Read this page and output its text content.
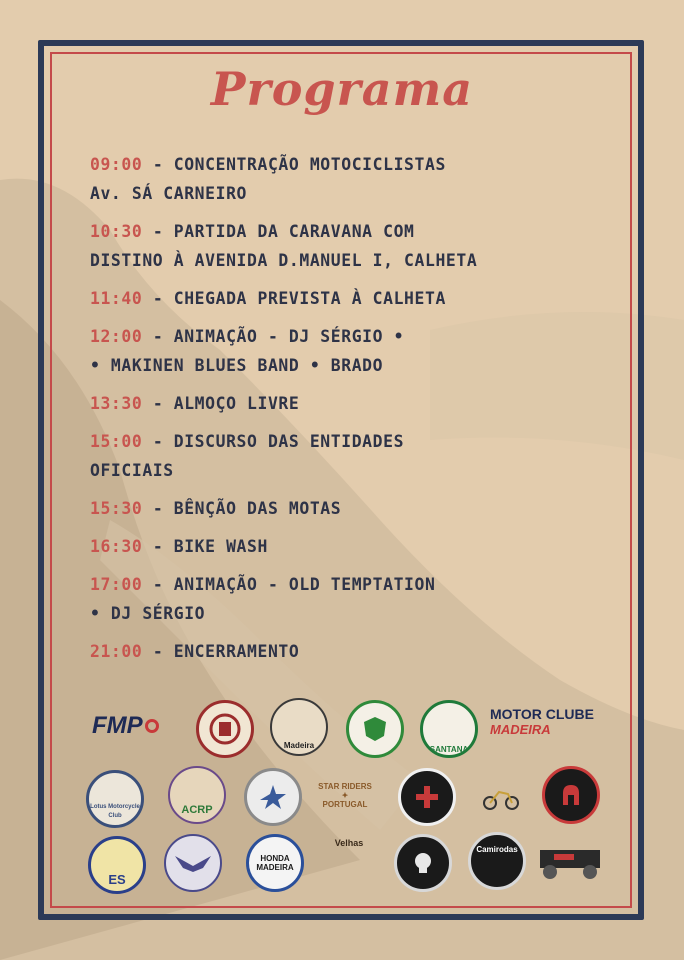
Programa
09:00 - CONCENTRAÇÃO MOTOCICLISTAS
Av. SÁ CARNEIRO
10:30 - PARTIDA DA CARAVANA COM
DISTINO À AVENIDA D.MANUEL I, CALHETA
11:40 - CHEGADA PREVISTA À CALHETA
12:00 - ANIMAÇÃO - DJ SÉRGIO •
• MAKINEN BLUES BAND • BRADO
13:30 - ALMOÇO LIVRE
15:00 - DISCURSO DAS ENTIDADES
OFICIAIS
15:30 - BÊNÇÃO DAS MOTAS
16:30 - BIKE WASH
17:00 - ANIMAÇÃO - OLD TEMPTATION
• DJ SÉRGIO
21:00 - ENCERRAMENTO
FMP
Madeira	SANTANA
MOTOR CLUBE
MADEIRA
Lotus Motorcycle Club
ACRP
STAR RIDERS
✦
PORTUGAL
ES
HONDA
MADEIRA
Velhas
Camirodas
